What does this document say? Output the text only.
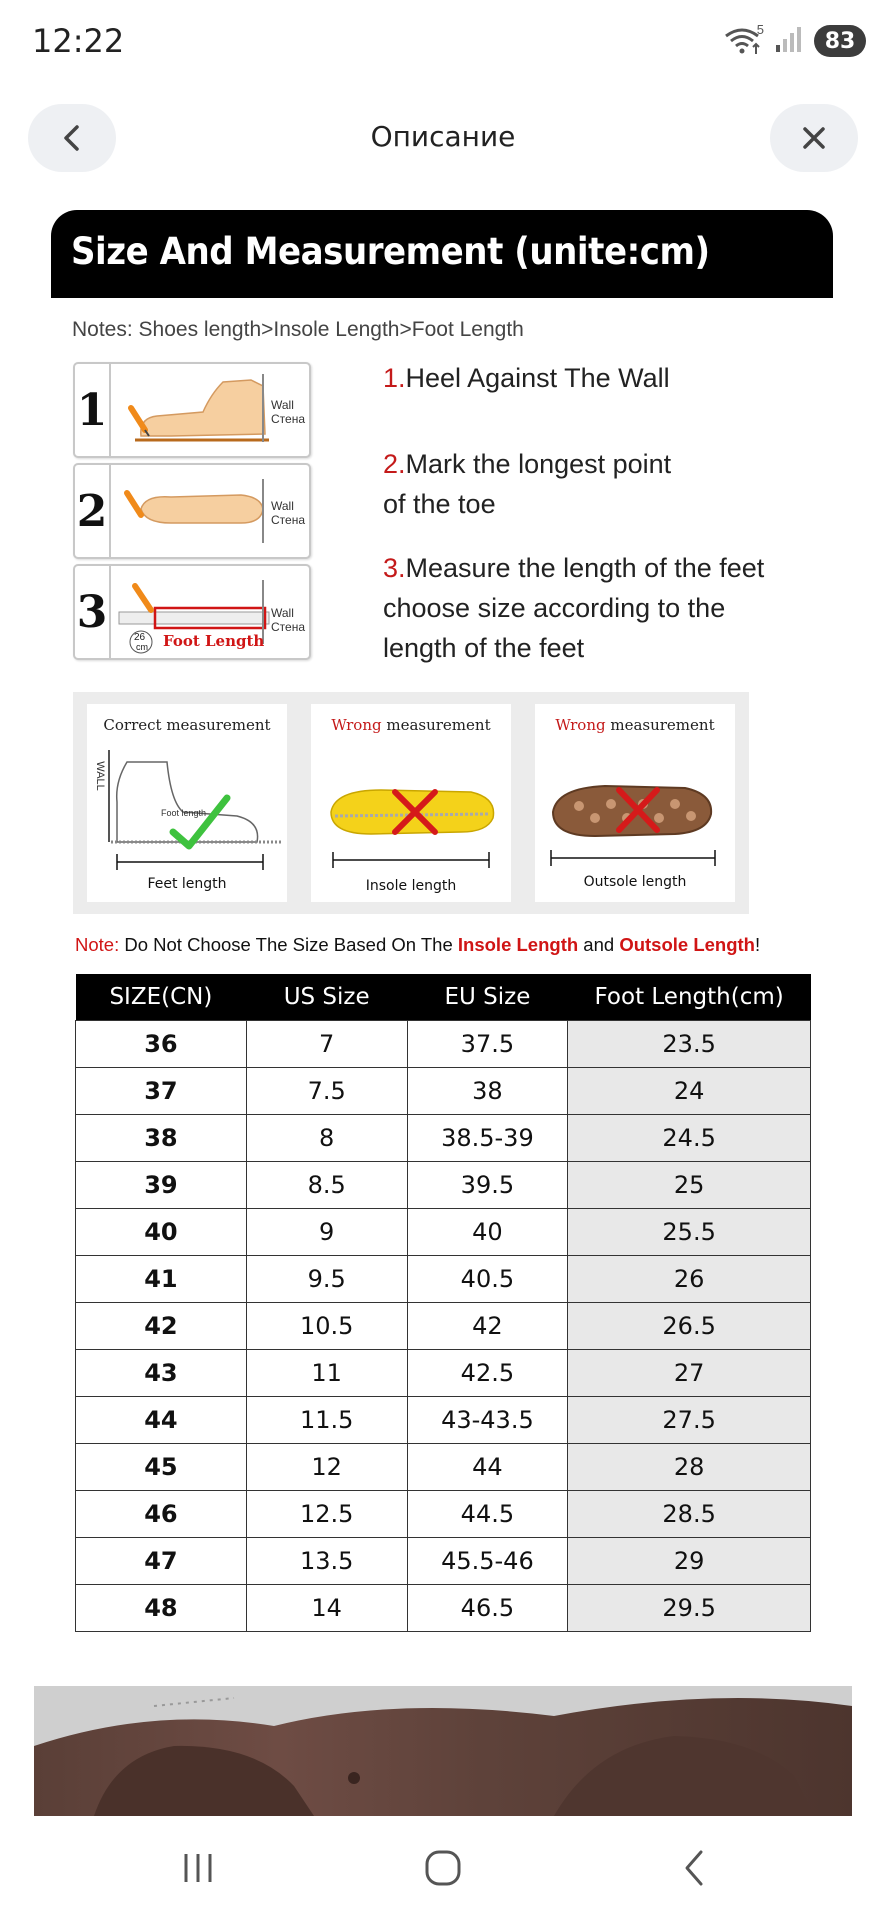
12:22	5	83
Описание
Size And Measurement (unite:cm)
Notes: Shoes length>Insole Length>Foot Length
1	Wall
Стена
2	Wall
Стена
3	26
cm Foot Length
Wall
Стена
1.Heel Against The Wall
2.Mark the longest point
of the toe
3.Measure the length of the feet
choose size according to the
length of the feet
Correct measurement
WALL
Foot length
Feet length
Wrong measurement
Insole length
Wrong measurement
Outsole length
Note: Do Not Choose The Size Based On The Insole Length and Outsole Length!
SIZE(CN)	US Size	EU Size	Foot Length(cm)
36	7	37.5	23.5
37	7.5	38	24
38	8	38.5-39	24.5
39	8.5	39.5	25
40	9	40	25.5
41	9.5	40.5	26
42	10.5	42	26.5
43	11	42.5	27
44	11.5	43-43.5	27.5
45	12	44	28
46	12.5	44.5	28.5
47	13.5	45.5-46	29
48	14	46.5	29.5
